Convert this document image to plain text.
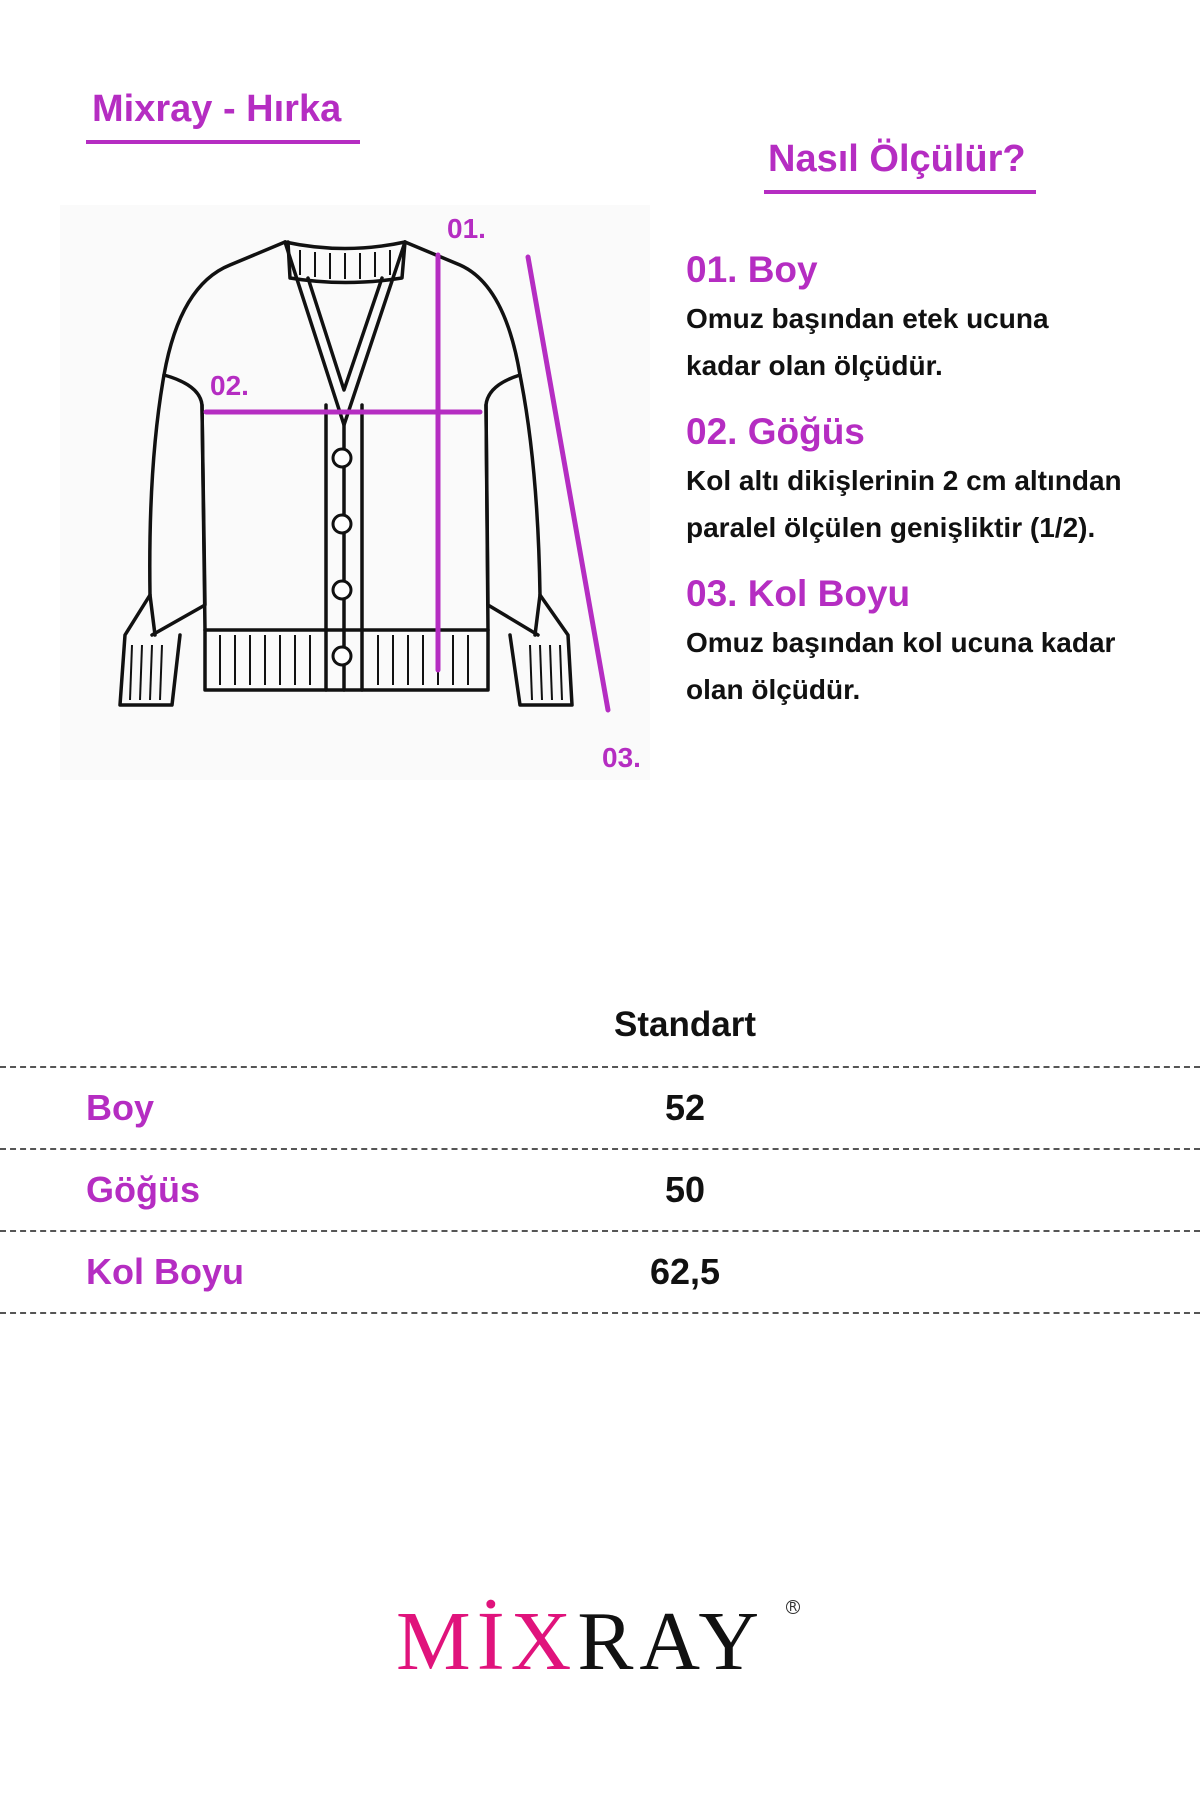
Mixray - Hırka
Nasıl Ölçülür?
01.
02.
03.
01. Boy
Omuz başından etek ucuna
kadar olan ölçüdür.
02. Göğüs
Kol altı dikişlerinin 2 cm altından
paralel ölçülen genişliktir (1/2).
03. Kol Boyu
Omuz başından kol ucuna kadar
olan ölçüdür.
Standart
Boy	52
Göğüs	50
Kol Boyu	62,5
MİXRAY R
